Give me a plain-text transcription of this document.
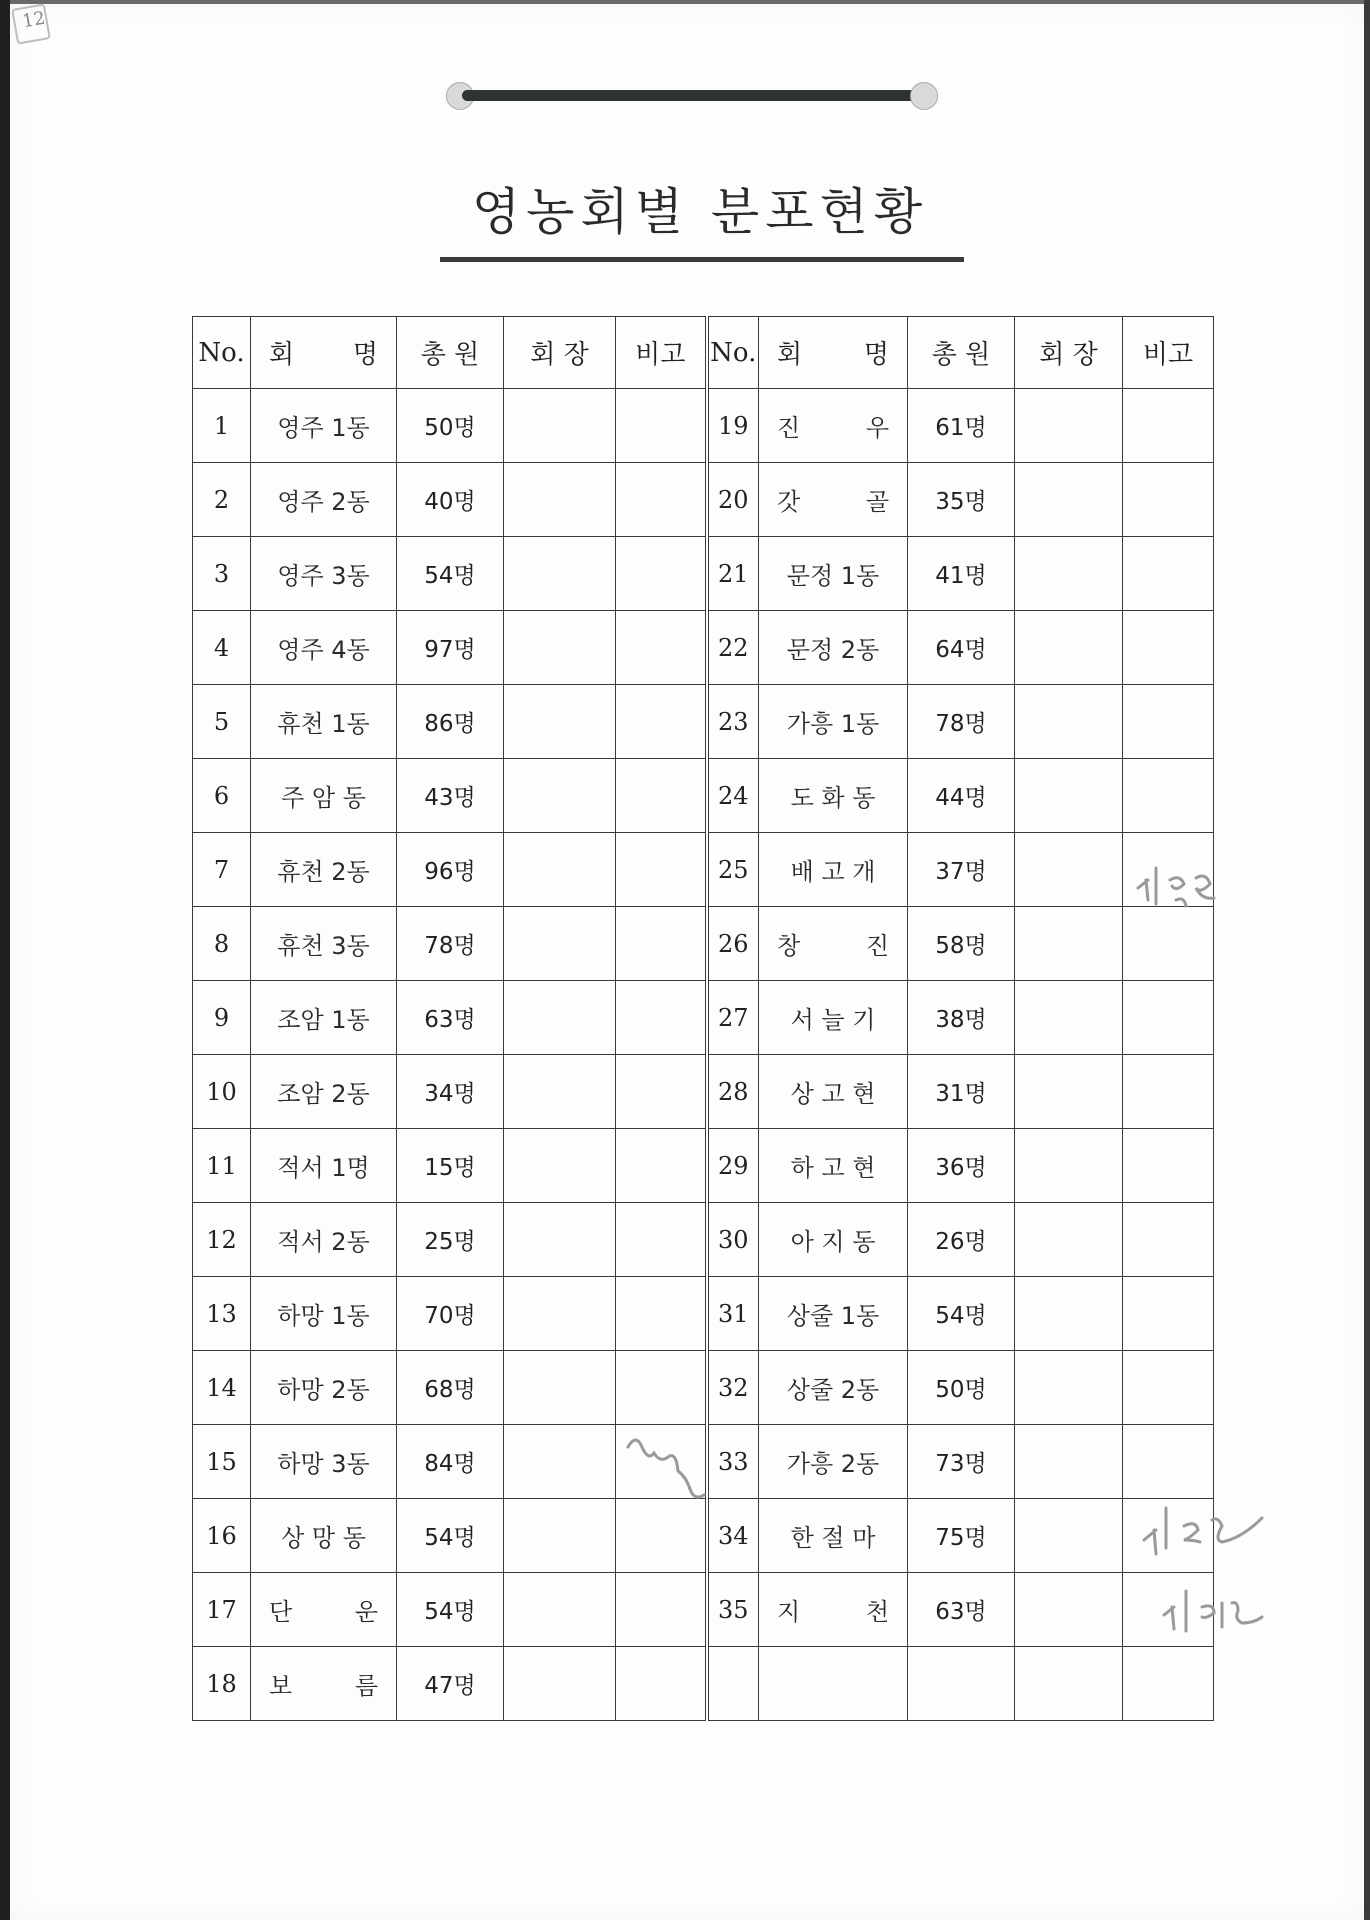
12
영농회별 분포현황
No.	회 명	총 원	회 장	비고	No.	회 명	총 원	회 장	비고
1	영주 1동	50명			19	진 우	61명		
2	영주 2동	40명			20	갓 골	35명		
3	영주 3동	54명			21	문정 1동	41명		
4	영주 4동	97명			22	문정 2동	64명		
5	휴천 1동	86명			23	가흥 1동	78명		
6	주 암 동	43명			24	도 화 동	44명		
7	휴천 2동	96명			25	배 고 개	37명		
8	휴천 3동	78명			26	창 진	58명		
9	조암 1동	63명			27	서 늘 기	38명		
10	조암 2동	34명			28	상 고 현	31명		
11	적서 1명	15명			29	하 고 현	36명		
12	적서 2동	25명			30	아 지 동	26명		
13	하망 1동	70명			31	상줄 1동	54명		
14	하망 2동	68명			32	상줄 2동	50명		
15	하망 3동	84명			33	가흥 2동	73명		
16	상 망 동	54명			34	한 절 마	75명		
17	단 운	54명			35	지 천	63명		
18	보 름	47명							
